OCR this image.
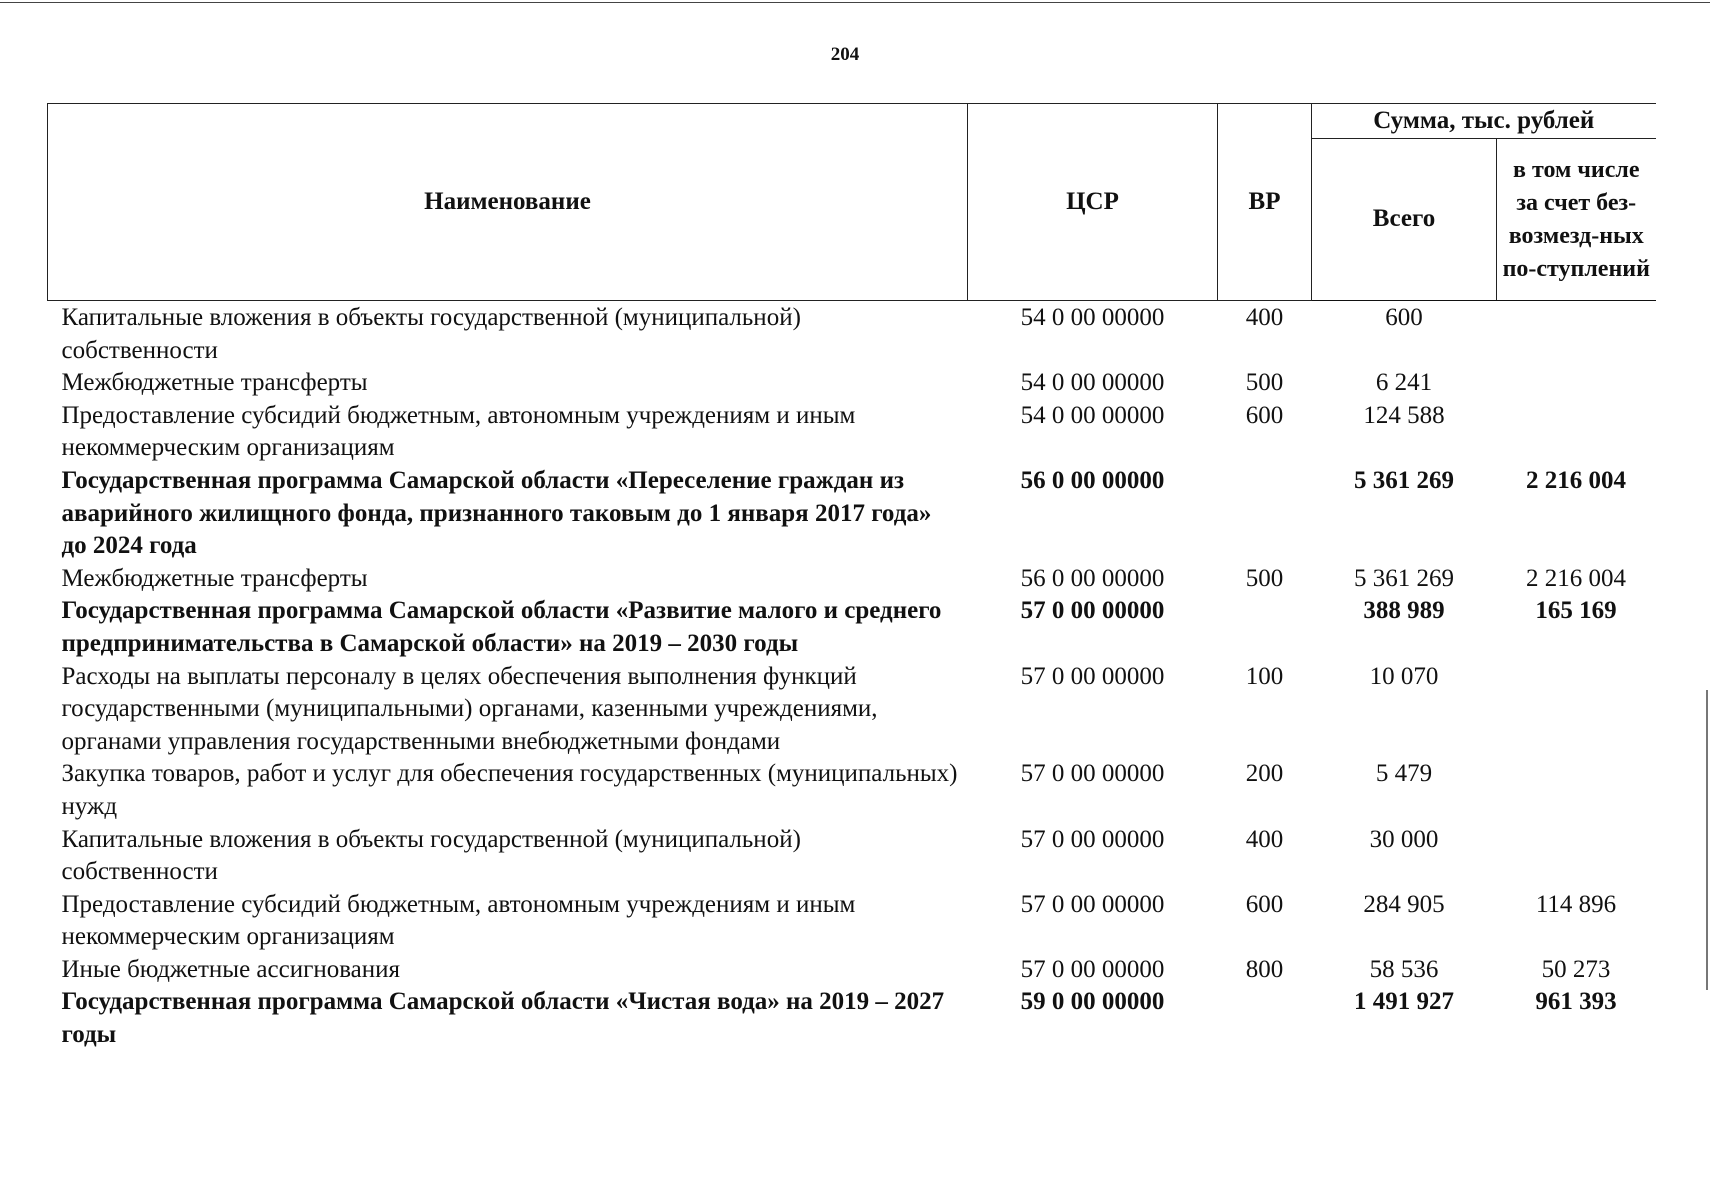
204
Наименование	ЦСР	ВР	Сумма, тыс. рублей	
			Всего	в том числе за счет без-возмезд-ных по-ступлений
Капитальные вложения в объекты государственной (муниципальной) собственности	54 0 00 00000	400	600	
Межбюджетные трансферты	54 0 00 00000	500	6 241	
Предоставление субсидий бюджетным, автономным учреждениям и иным некоммерческим организациям	54 0 00 00000	600	124 588	
Государственная программа Самарской области «Переселение граждан из аварийного жилищного фонда, признанного таковым до 1 января 2017 года» до 2024 года	56 0 00 00000		5 361 269	2 216 004
Межбюджетные трансферты	56 0 00 00000	500	5 361 269	2 216 004
Государственная программа Самарской области «Развитие малого и среднего предпринимательства в Самарской области» на 2019 – 2030 годы	57 0 00 00000		388 989	165 169
Расходы на выплаты персоналу в целях обеспечения выполнения функций государственными (муниципальными) органами, казенными учреждениями, органами управления государственными внебюджетными фондами	57 0 00 00000	100	10 070	
Закупка товаров, работ и услуг для обеспечения государственных (муниципальных) нужд	57 0 00 00000	200	5 479	
Капитальные вложения в объекты государственной (муниципальной) собственности	57 0 00 00000	400	30 000	
Предоставление субсидий бюджетным, автономным учреждениям и иным некоммерческим организациям	57 0 00 00000	600	284 905	114 896
Иные бюджетные ассигнования	57 0 00 00000	800	58 536	50 273
Государственная программа Самарской области «Чистая вода» на 2019 – 2027 годы	59 0 00 00000		1 491 927	961 393
